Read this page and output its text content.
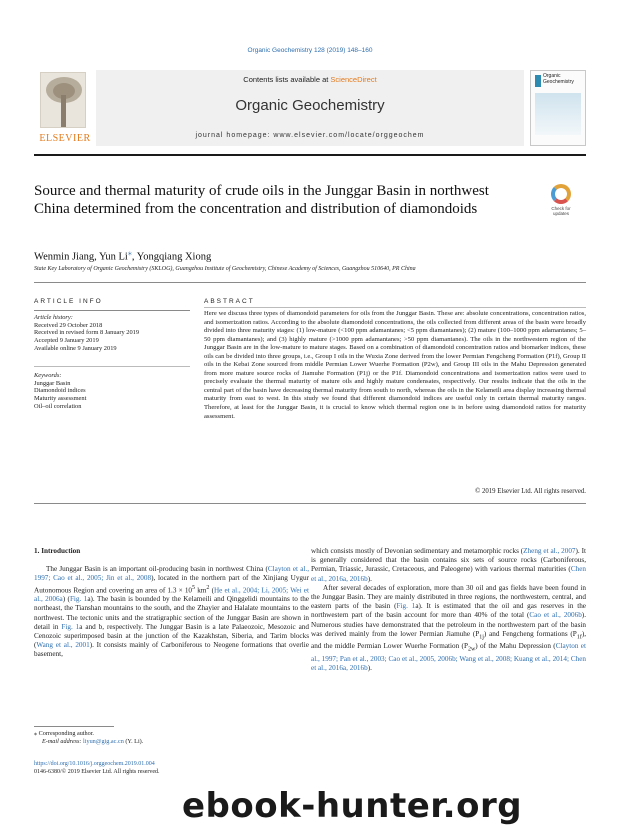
Organic Geochemistry 128 (2019) 148–160
ELSEVIER
Contents lists available at ScienceDirect
Organic Geochemistry
journal homepage: www.elsevier.com/locate/orggeochem
Organic Geochemistry
Source and thermal maturity of crude oils in the Junggar Basin in northwest China determined from the concentration and distribution of diamondoids	Check for updates
Wenmin Jiang, Yun Li⁎, Yongqiang Xiong
State Key Laboratory of Organic Geochemistry (SKLOG), Guangzhou Institute of Geochemistry, Chinese Academy of Sciences, Guangzhou 510640, PR China
ARTICLE INFO	ABSTRACT
Article history:
Received 29 October 2018
Received in revised form 8 January 2019
Accepted 9 January 2019
Available online 9 January 2019
Keywords:
Junggar Basin
Diamondoid indices
Maturity assessment
Oil–oil correlation
Here we discuss three types of diamondoid parameters for oils from the Junggar Basin. These are: absolute concentrations, concentration ratios, and isomerization ratios. According to the absolute diamondoid concentrations, the oils collected from different areas of the basin were broadly divided into three maturity stages: (1) low-mature (<100 ppm adamantanes; <5 ppm diamantanes); (2) mature (100–1000 ppm adamantanes; 5–50 ppm diamantanes); and (3) highly mature (>1000 ppm adamantanes; >50 ppm diamantanes). The oils in the northwestern region of the Junggar Basin are in the low-mature to mature stages. Based on a combination of diamondoid concentration ratios and biomarker indices, these oils can be divided into three groups, i.e., Group I oils in the Wuxia Zone derived from the lower Permian Fengcheng Formation (P1f), Group II oils in the Kebai Zone sourced from middle Permian Lower Wuerhe Formation (P2w), and Group III oils in the Mahu Depression generated from more mature source rocks of Jiamuhe Formation (P1j) or the P1f. Diamondoid concentrations and isomerization ratios were used to precisely evaluate the thermal maturity of mature oils and highly mature condensates, respectively. Our results indicate that the oils in the central part of the basin have decreasing thermal maturity from south to north, whereas the oils in the Kelameili area display increasing thermal maturity from east to west. In this study we found that different diamondoid indices are useful only in certain thermal maturity ranges. Therefore, at least for the Junggar Basin, it is crucial to know which thermal region one is in before using diamondoid ratios for maturity assessment.
© 2019 Elsevier Ltd. All rights reserved.
1. Introduction

The Junggar Basin is an important oil-producing basin in northwest China (Clayton et al., 1997; Cao et al., 2005; Jin et al., 2008), located in the northern part of the Xinjiang Uygur Autonomous Region and covering an area of $1.3 \times 10^5$ $km^2$ (He et al., 2004; Li, 2005; Wei et al., 2006a) (Fig. 1a). The basin is bounded by the Kelameili and Qinggelidi mountains to the northeast, the Tianshan mountains to the south, and the Zhayier and Halalate mountains to the northwest. The tectonic units and the stratigraphic section of the Junggar Basin are shown in detail in Fig. 1a and b, respectively. The Junggar Basin is a late Palaeozoic, Mesozoic and Cenozoic superimposed basin at the junction of the Kazakhstan, Siberia, and Tarim blocks (Wang et al., 2001). It consists mainly of Carboniferous to Neogene formations that overlie basement,

which consists mostly of Devonian sedimentary and metamorphic rocks (Zheng et al., 2007). It is generally considered that the basin contains six sets of source rocks (Carboniferous, Permian, Triassic, Jurassic, Cretaceous, and Paleogene) with various thermal maturities (Chen et al., 2016a, 2016b).

After several decades of exploration, more than 30 oil and gas fields have been found in the Junggar Basin. They are mainly distributed in three regions, the northwestern, central, and eastern parts of the basin (Fig. 1a). It is estimated that the oil and gas reserves in the northwestern part of the basin account for more than 40% of the total (Cao et al., 2006b). Numerous studies have demonstrated that the petroleum in the northwestern part of the basin was derived mainly from the lower Permian Jiamuhe $(P_{1j})$ and Fengcheng formations $(P_{1f})$, and the middle Permian Lower Wuerhe Formation $(P_{2w})$ of the Mahu Depression (Clayton et al., 1997; Pan et al., 2003; Cao et al., 2005, 2006b; Wang et al., 2008; Kuang et al., 2014; Chen et al., 2016a, 2016b).

⁎ Corresponding author.
E-mail address: liyun@gig.ac.cn (Y. Li).
https://doi.org/10.1016/j.orggeochem.2019.01.004
0146-6380/© 2019 Elsevier Ltd. All rights reserved.
ebook-hunter.org
